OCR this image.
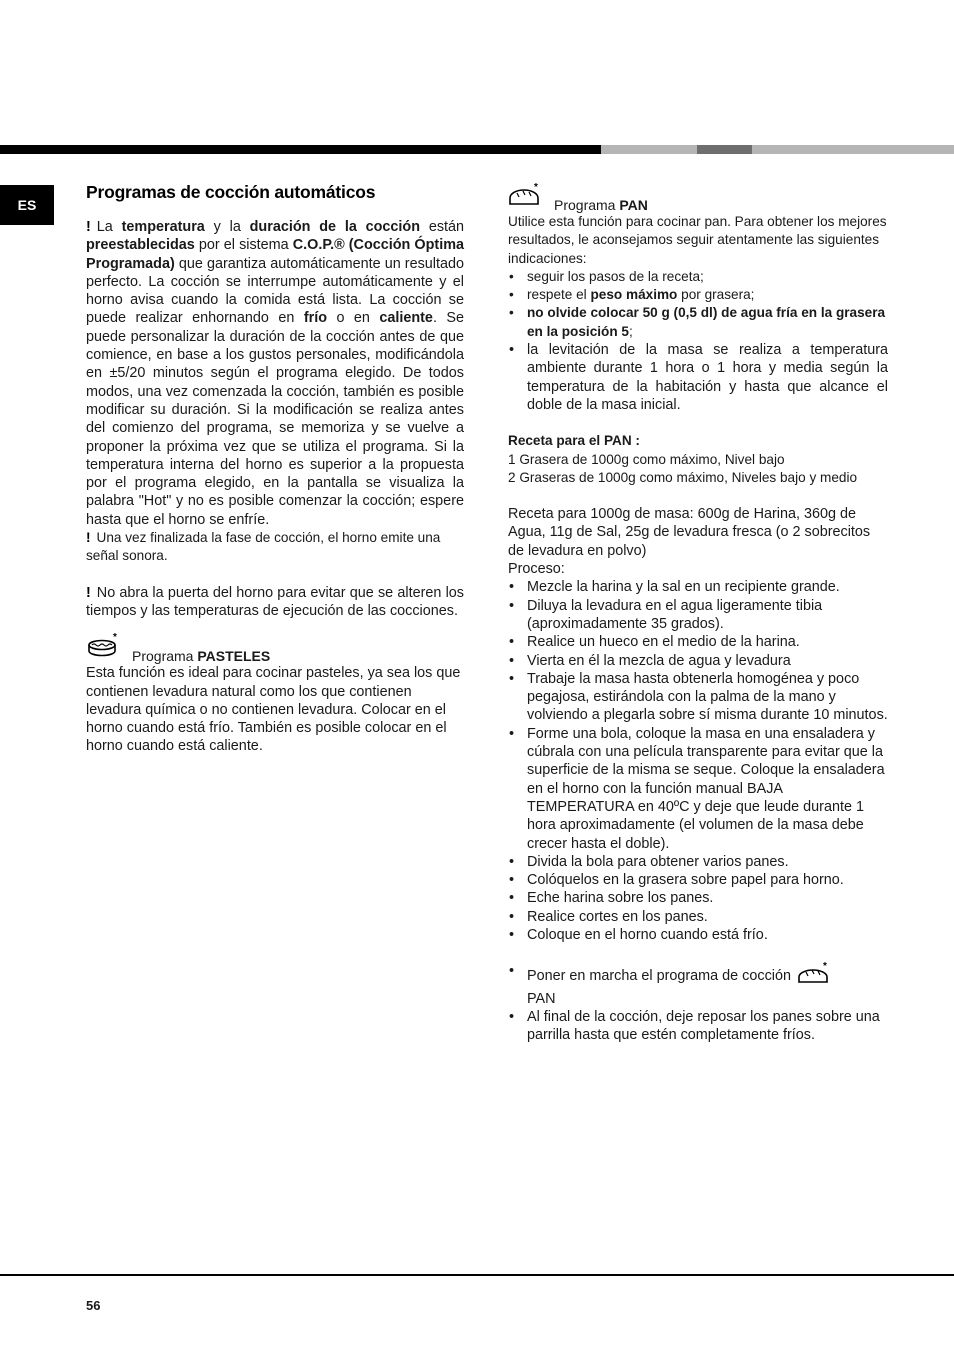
ES
Programas de cocción automáticos

! La temperatura y la duración de la cocción están preestablecidas por el sistema C.O.P.® (Cocción Óptima Programada) que garantiza automáticamente un resultado perfecto. La cocción se interrumpe automáticamente y el horno avisa cuando la comida está lista. La cocción se puede realizar enhornando en frío o en caliente. Se puede personalizar la duración de la cocción antes de que comience, en base a los gustos personales, modificándola en ±5/20 minutos según el programa elegido. De todos modos, una vez comenzada la cocción, también es posible modificar su duración. Si la modificación se realiza antes del comienzo del programa, se memoriza y se vuelve a proponer la próxima vez que se utiliza el programa. Si la temperatura interna del horno es superior a la propuesta por el programa elegido, en la pantalla se visualiza la palabra "Hot" y no es posible comenzar la cocción; espere hasta que el horno se enfríe.

! Una vez finalizada la fase de cocción, el horno emite una señal sonora.

! No abra la puerta del horno para evitar que se alteren los tiempos y las temperaturas de ejecución de las cocciones.

*
Programa PASTELES

Esta función es ideal para cocinar pasteles, ya sea los que contienen levadura natural como los que contienen levadura química o no contienen levadura. Colocar en el horno cuando está frío. También es posible colocar en el horno cuando está caliente.

*
Programa PAN

Utilice esta función para cocinar pan. Para obtener los mejores resultados, le aconsejamos seguir atentamente las siguientes indicaciones:

• seguir los pasos de la receta;
• respete el peso máximo por grasera;
• no olvide colocar 50 g (0,5 dl) de agua fría en la grasera en la posición 5;
• la levitación de la masa se realiza a temperatura ambiente durante 1 hora o 1 hora y media según la temperatura de la habitación y hasta que alcance el doble de la masa inicial.

Receta para el PAN :

1 Grasera de 1000g como máximo, Nivel bajo

2 Graseras de 1000g como máximo, Niveles bajo y medio

Receta para 1000g de masa: 600g de Harina, 360g de Agua, 11g de Sal, 25g de levadura fresca (o 2 sobrecitos de levadura en polvo)

Proceso:

• Mezcle la harina y la sal en un recipiente grande.
• Diluya la levadura en el agua ligeramente tibia (aproximadamente 35 grados).
• Realice un hueco en el medio de la harina.
• Vierta en él la mezcla de agua y levadura
• Trabaje la masa hasta obtenerla homogénea y poco pegajosa, estirándola con la palma de la mano y volviendo a plegarla sobre sí misma durante 10 minutos.
• Forme una bola, coloque la masa en una ensaladera y cúbrala con una película transparente para evitar que la superficie de la misma se seque. Coloque la ensaladera en el horno con la función manual BAJA TEMPERATURA en 40ºC y deje que leude durante 1 hora aproximadamente (el volumen de la masa debe crecer hasta el doble).
• Divida la bola para obtener varios panes.
• Colóquelos en la grasera sobre papel para horno.
• Eche harina sobre los panes.
• Realice cortes en los panes.
• Coloque en el horno cuando está frío.
• Poner en marcha el programa de cocción
*

PAN
• Al final de la cocción, deje reposar los panes sobre una parrilla hasta que estén completamente fríos.
56
